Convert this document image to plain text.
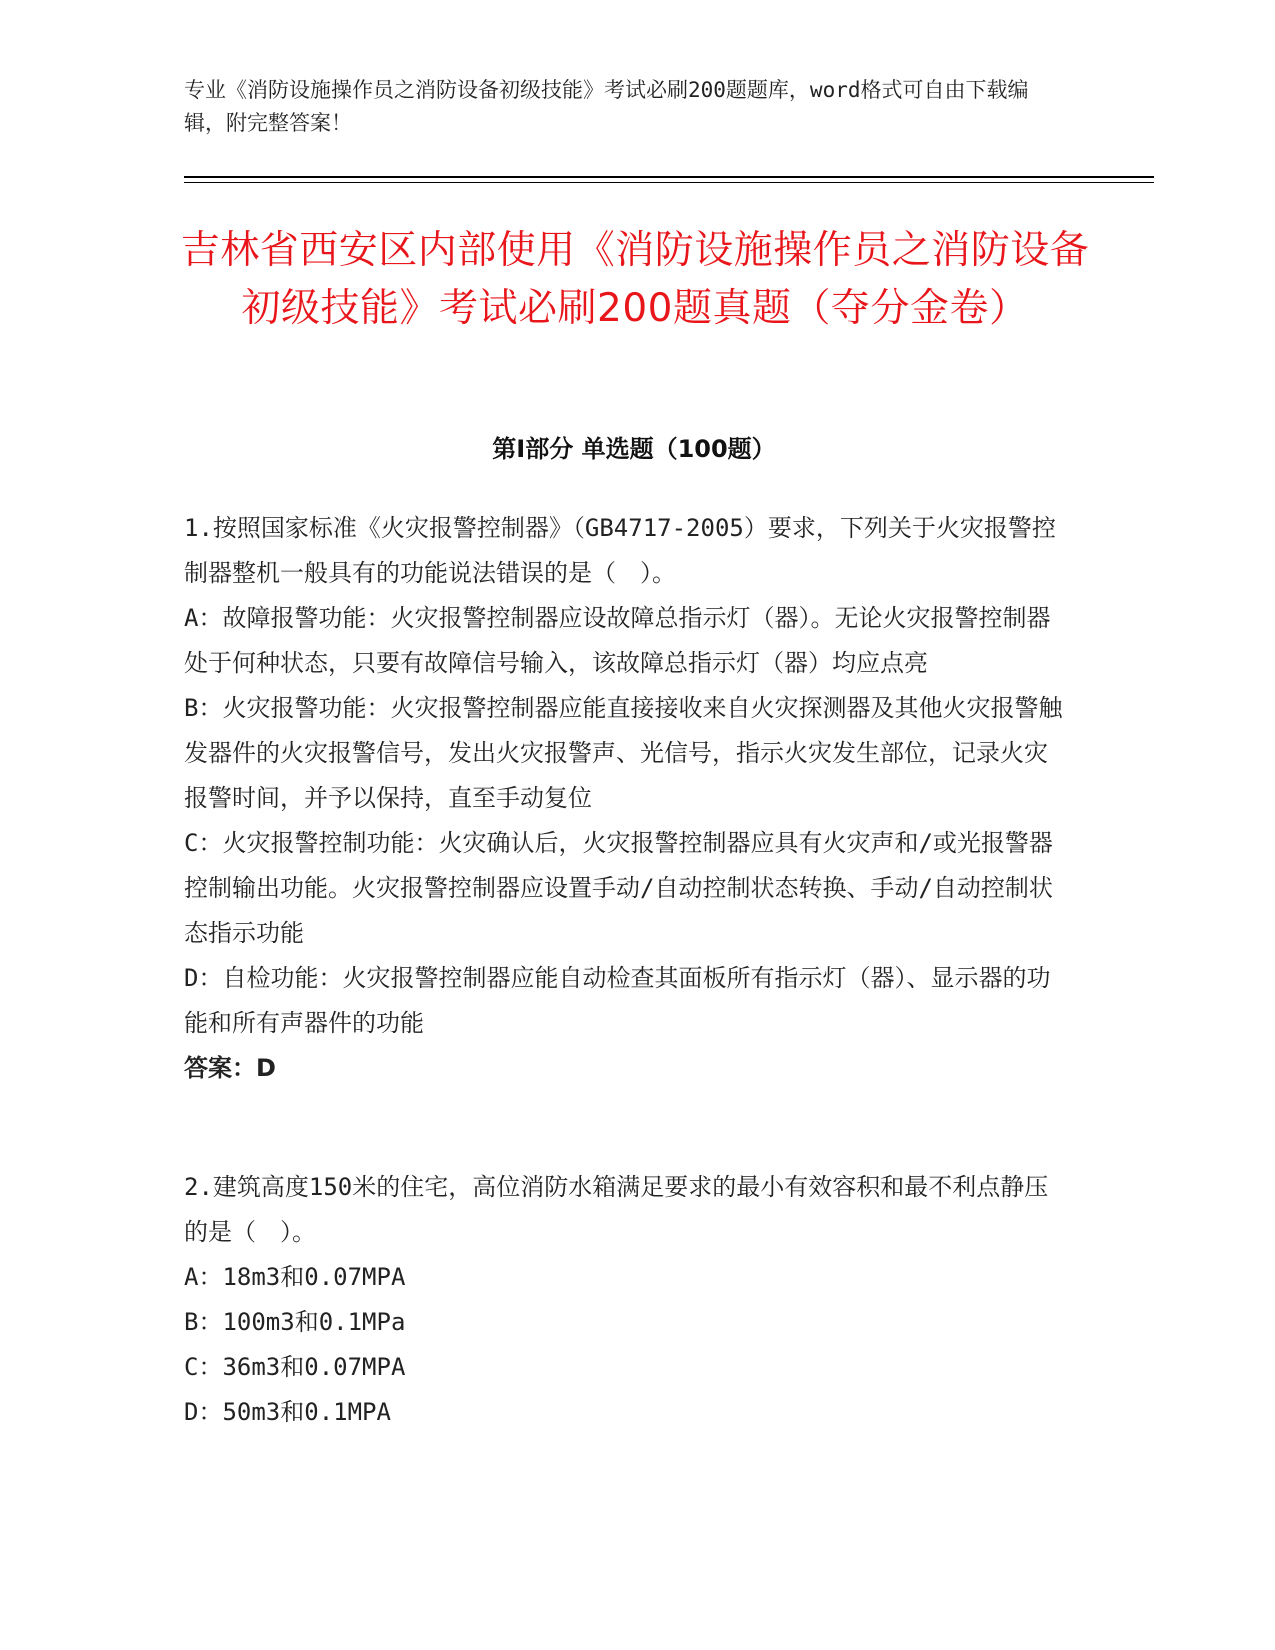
专业《消防设施操作员之消防设备初级技能》考试必刷200题题库，word格式可自由下载编辑，附完整答案！
吉林省西安区内部使用《消防设施操作员之消防设备初级技能》考试必刷200题真题（夺分金卷）
第I部分 单选题（100题）

1.按照国家标准《火灾报警控制器》（GB4717-2005）要求，下列关于火灾报警控制器整机一般具有的功能说法错误的是（　）。

A：故障报警功能：火灾报警控制器应设故障总指示灯（器）。无论火灾报警控制器处于何种状态，只要有故障信号输入，该故障总指示灯（器）均应点亮

B：火灾报警功能：火灾报警控制器应能直接接收来自火灾探测器及其他火灾报警触发器件的火灾报警信号，发出火灾报警声、光信号，指示火灾发生部位，记录火灾报警时间，并予以保持，直至手动复位

C：火灾报警控制功能：火灾确认后，火灾报警控制器应具有火灾声和/或光报警器控制输出功能。火灾报警控制器应设置手动/自动控制状态转换、手动/自动控制状态指示功能

D：自检功能：火灾报警控制器应能自动检查其面板所有指示灯（器）、显示器的功能和所有声器件的功能

答案：D

2.建筑高度150米的住宅，高位消防水箱满足要求的最小有效容积和最不利点静压的是（　）。

A：18m3和0.07MPA

B：100m3和0.1MPa

C：36m3和0.07MPA

D：50m3和0.1MPA
